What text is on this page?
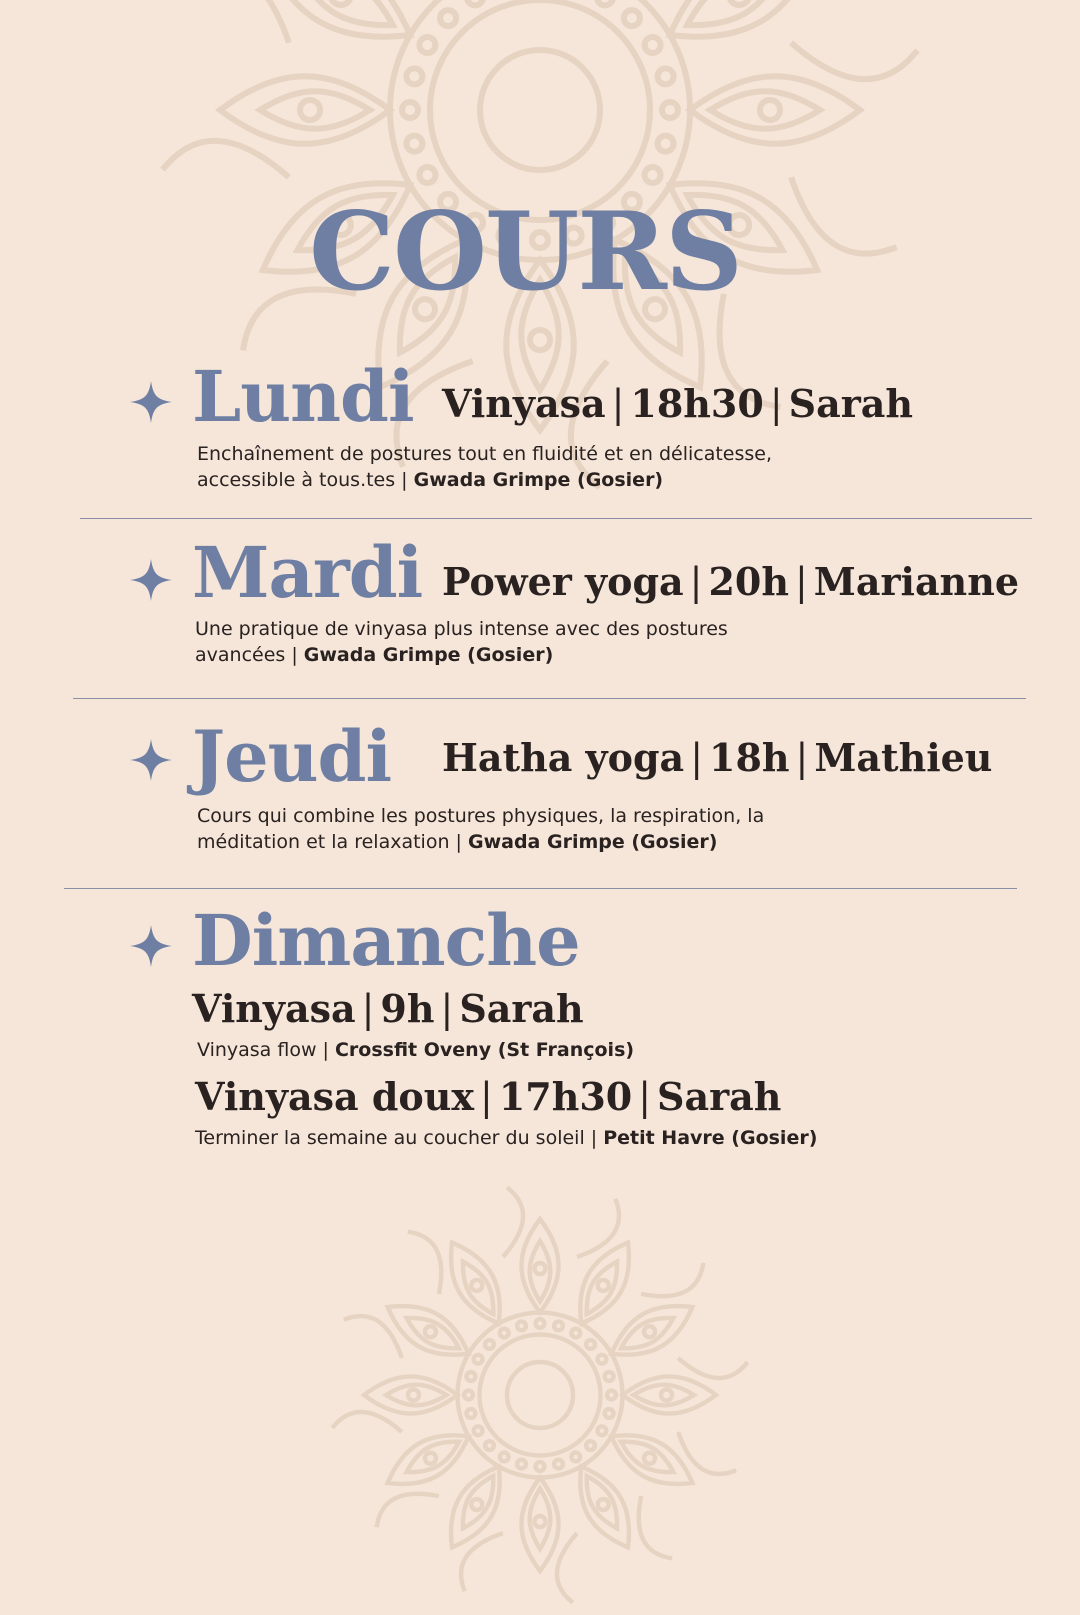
COURS
Lundi Vinyasa | 18h30 | Sarah
Enchaînement de postures tout en fluidité et en délicatesse,
accessible à tous.tes | Gwada Grimpe (Gosier)
Mardi Power yoga | 20h | Marianne
Une pratique de vinyasa plus intense avec des postures
avancées | Gwada Grimpe (Gosier)
Jeudi Hatha yoga | 18h | Mathieu
Cours qui combine les postures physiques, la respiration, la
méditation et la relaxation | Gwada Grimpe (Gosier)
Dimanche
Vinyasa | 9h | Sarah
Vinyasa flow | Crossfit Oveny (St François)
Vinyasa doux | 17h30 | Sarah
Terminer la semaine au coucher du soleil | Petit Havre (Gosier)
